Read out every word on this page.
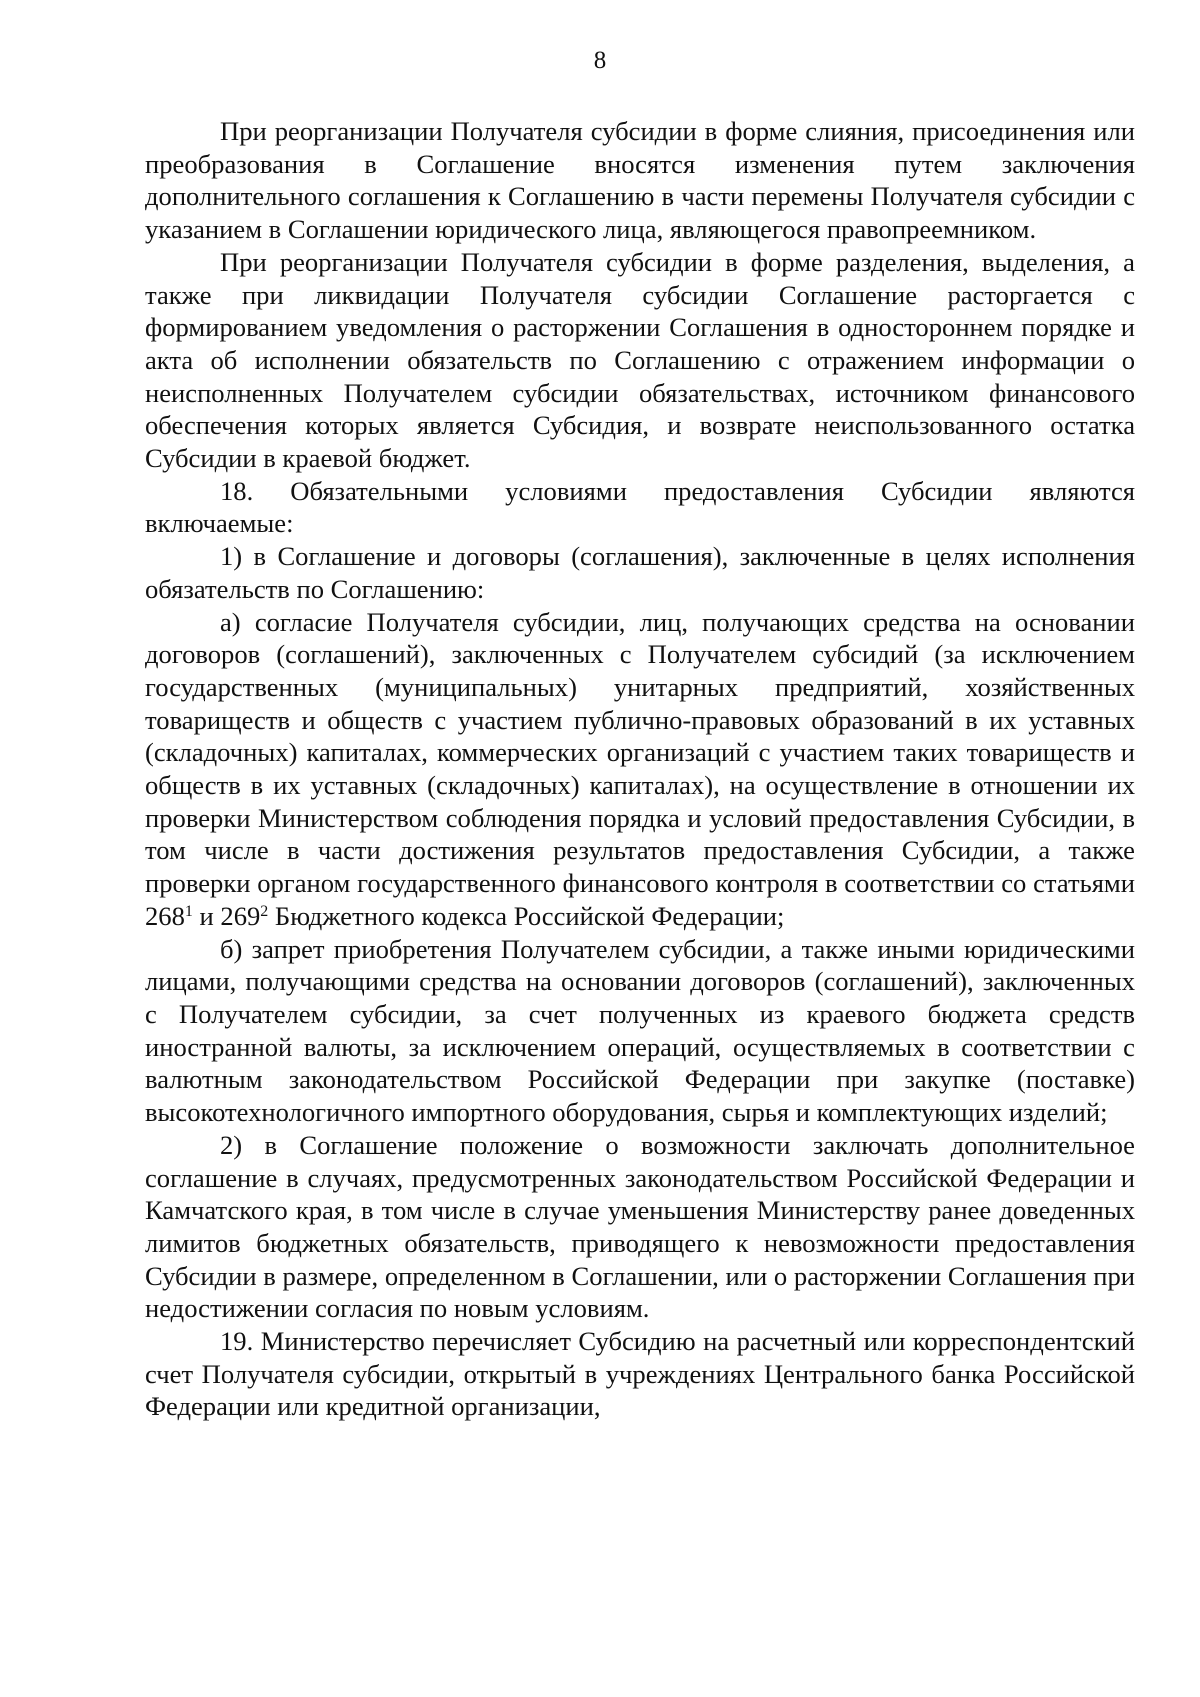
8

При реорганизации Получателя субсидии в форме слияния, присоединения или преобразования в Соглашение вносятся изменения путем заключения дополнительного соглашения к Соглашению в части перемены Получателя субсидии с указанием в Соглашении юридического лица, являющегося правопреемником.

При реорганизации Получателя субсидии в форме разделения, выделения, а также при ликвидации Получателя субсидии Соглашение расторгается с формированием уведомления о расторжении Соглашения в одностороннем порядке и акта об исполнении обязательств по Соглашению с отражением информации о неисполненных Получателем субсидии обязательствах, источником финансового обеспечения которых является Субсидия, и возврате неиспользованного остатка Субсидии в краевой бюджет.

18. Обязательными условиями предоставления Субсидии являются включаемые:

1) в Соглашение и договоры (соглашения), заключенные в целях исполнения обязательств по Соглашению:

а) согласие Получателя субсидии, лиц, получающих средства на основании договоров (соглашений), заключенных с Получателем субсидий (за исключением государственных (муниципальных) унитарных предприятий, хозяйственных товариществ и обществ с участием публично-правовых образований в их уставных (складочных) капиталах, коммерческих организаций с участием таких товариществ и обществ в их уставных (складочных) капиталах), на осуществление в отношении их проверки Министерством соблюдения порядка и условий предоставления Субсидии, в том числе в части достижения результатов предоставления Субсидии, а также проверки органом государственного финансового контроля в соответствии со статьями $268^1$ и $269^2$ Бюджетного кодекса Российской Федерации;

б) запрет приобретения Получателем субсидии, а также иными юридическими лицами, получающими средства на основании договоров (соглашений), заключенных с Получателем субсидии, за счет полученных из краевого бюджета средств иностранной валюты, за исключением операций, осуществляемых в соответствии с валютным законодательством Российской Федерации при закупке (поставке) высокотехнологичного импортного оборудования, сырья и комплектующих изделий;

2) в Соглашение положение о возможности заключать дополнительное соглашение в случаях, предусмотренных законодательством Российской Федерации и Камчатского края, в том числе в случае уменьшения Министерству ранее доведенных лимитов бюджетных обязательств, приводящего к невозможности предоставления Субсидии в размере, определенном в Соглашении, или о расторжении Соглашения при недостижении согласия по новым условиям.

19. Министерство перечисляет Субсидию на расчетный или корреспондентский счет Получателя субсидии, открытый в учреждениях Центрального банка Российской Федерации или кредитной организации,
